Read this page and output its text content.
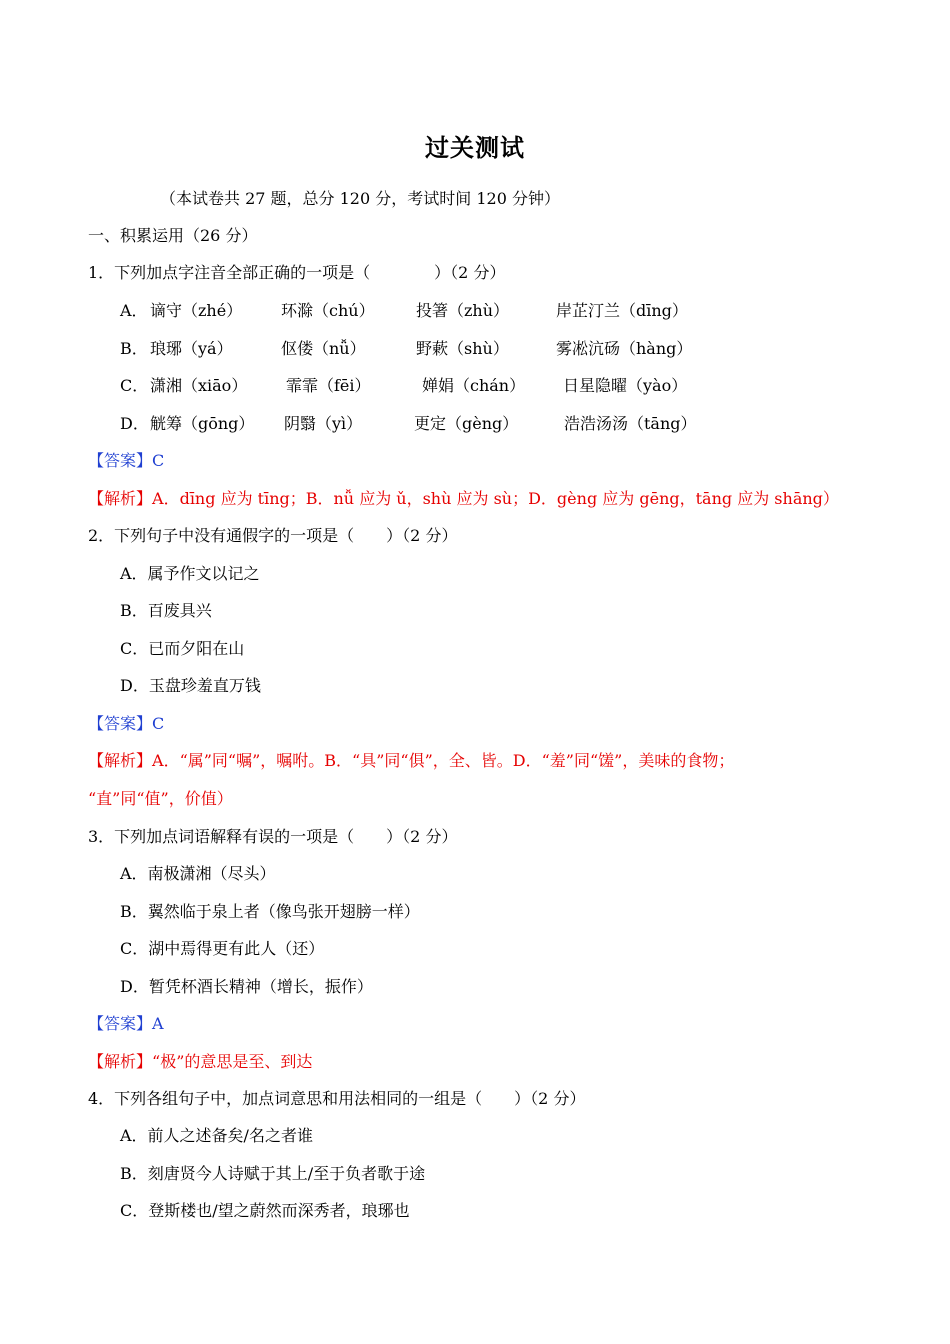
过关测试
（本试卷共 27 题，总分 120 分，考试时间 120 分钟）
一、积累运用（26 分）
1．下列加点字注音全部正确的一项是（　　　　）（2 分）
A． 谪守（zhé） 环滁（chú）	投箸（zhù）	岸芷汀兰（dīng）
B． 琅琊（yá）	伛偻（nǚ）	野蔌（shù）	雾凇沆砀（hàng）
C． 潇湘（xiāo） 霏霏（fēi）	婵娟（chán） 日星隐曜（yào）
D． 觥筹（gōng） 阴翳（yì）	更定（gèng）	浩浩汤汤（tāng）
【答案】C
【解析】A．dīng 应为 tīng；B．nǚ 应为 ǔ，shù 应为 sù；D．gèng 应为 gēng，tāng 应为 shāng）
2．下列句子中没有通假字的一项是（　　）（2 分）
A．属予作文以记之
B．百废具兴
C．已而夕阳在山
D．玉盘珍羞直万钱
【答案】C
【解析】A．“属”同“嘱”，嘱咐。B．“具”同“俱”，全、皆。D．“羞”同“馐”，美味的食物；
“直”同“值”，价值）
3．下列加点词语解释有误的一项是（　　）（2 分）
A．南极潇湘（尽头）
B．翼然临于泉上者（像鸟张开翅膀一样）
C．湖中焉得更有此人（还）
D．暂凭杯酒长精神（增长，振作）
【答案】A
【解析】“极”的意思是至、到达
4．下列各组句子中，加点词意思和用法相同的一组是（　　）（2 分）
A．前人之述备矣/名之者谁
B．刻唐贤今人诗赋于其上/至于负者歌于途
C．登斯楼也/望之蔚然而深秀者，琅琊也
